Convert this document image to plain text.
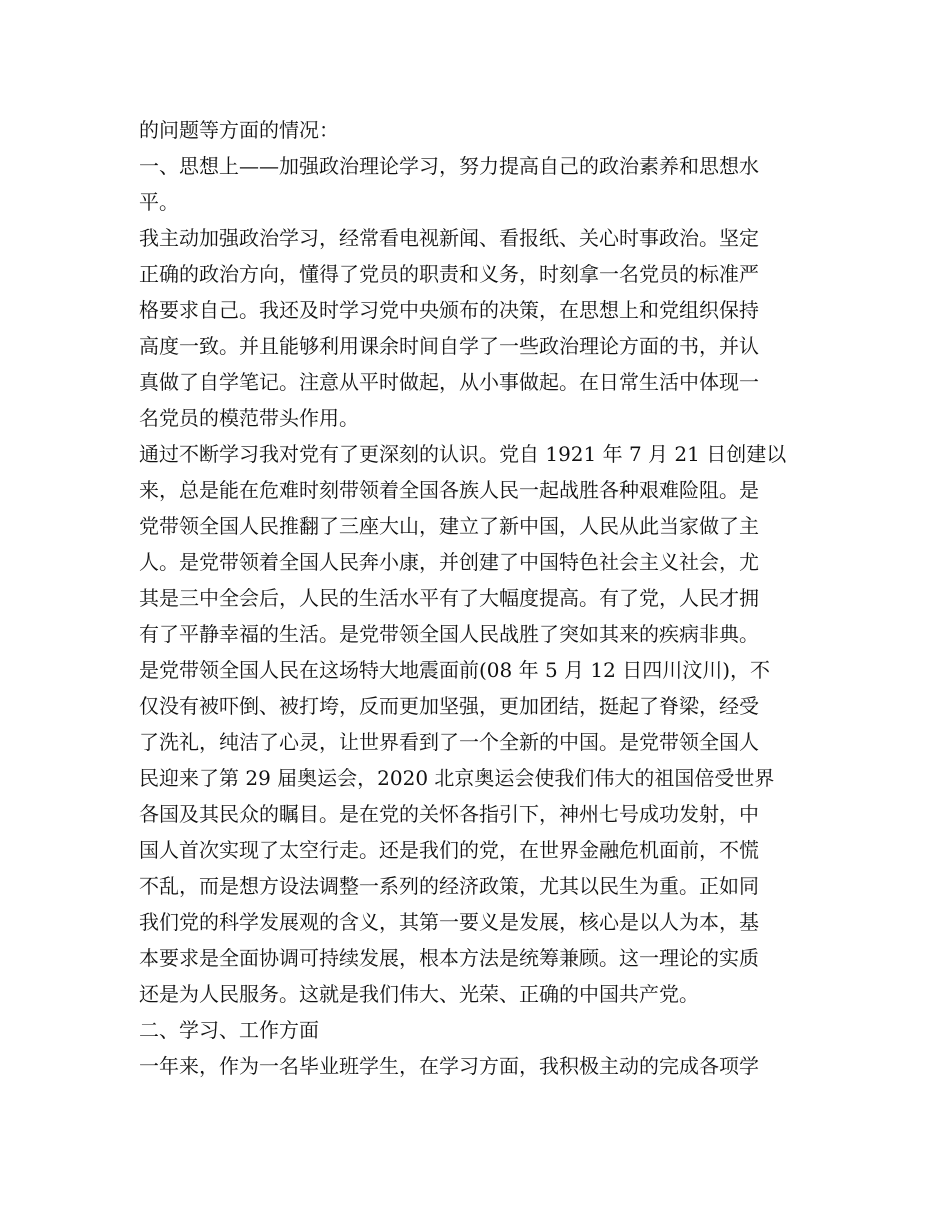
的问题等方面的情况：
一、思想上——加强政治理论学习，努力提高自己的政治素养和思想水
平。
我主动加强政治学习，经常看电视新闻、看报纸、关心时事政治。坚定
正确的政治方向，懂得了党员的职责和义务，时刻拿一名党员的标准严
格要求自己。我还及时学习党中央颁布的决策，在思想上和党组织保持
高度一致。并且能够利用课余时间自学了一些政治理论方面的书，并认
真做了自学笔记。注意从平时做起，从小事做起。在日常生活中体现一
名党员的模范带头作用。
通过不断学习我对党有了更深刻的认识。党自 1921 年 7 月 21 日创建以
来，总是能在危难时刻带领着全国各族人民一起战胜各种艰难险阻。是
党带领全国人民推翻了三座大山，建立了新中国，人民从此当家做了主
人。是党带领着全国人民奔小康，并创建了中国特色社会主义社会，尤
其是三中全会后，人民的生活水平有了大幅度提高。有了党，人民才拥
有了平静幸福的生活。是党带领全国人民战胜了突如其来的疾病非典。
是党带领全国人民在这场特大地震面前(08 年 5 月 12 日四川汶川)，不
仅没有被吓倒、被打垮，反而更加坚强，更加团结，挺起了脊梁，经受
了洗礼，纯洁了心灵，让世界看到了一个全新的中国。是党带领全国人
民迎来了第 29 届奥运会，2020 北京奥运会使我们伟大的祖国倍受世界
各国及其民众的瞩目。是在党的关怀各指引下，神州七号成功发射，中
国人首次实现了太空行走。还是我们的党，在世界金融危机面前，不慌
不乱，而是想方设法调整一系列的经济政策，尤其以民生为重。正如同
我们党的科学发展观的含义，其第一要义是发展，核心是以人为本，基
本要求是全面协调可持续发展，根本方法是统筹兼顾。这一理论的实质
还是为人民服务。这就是我们伟大、光荣、正确的中国共产党。
二、学习、工作方面
一年来，作为一名毕业班学生，在学习方面，我积极主动的完成各项学
